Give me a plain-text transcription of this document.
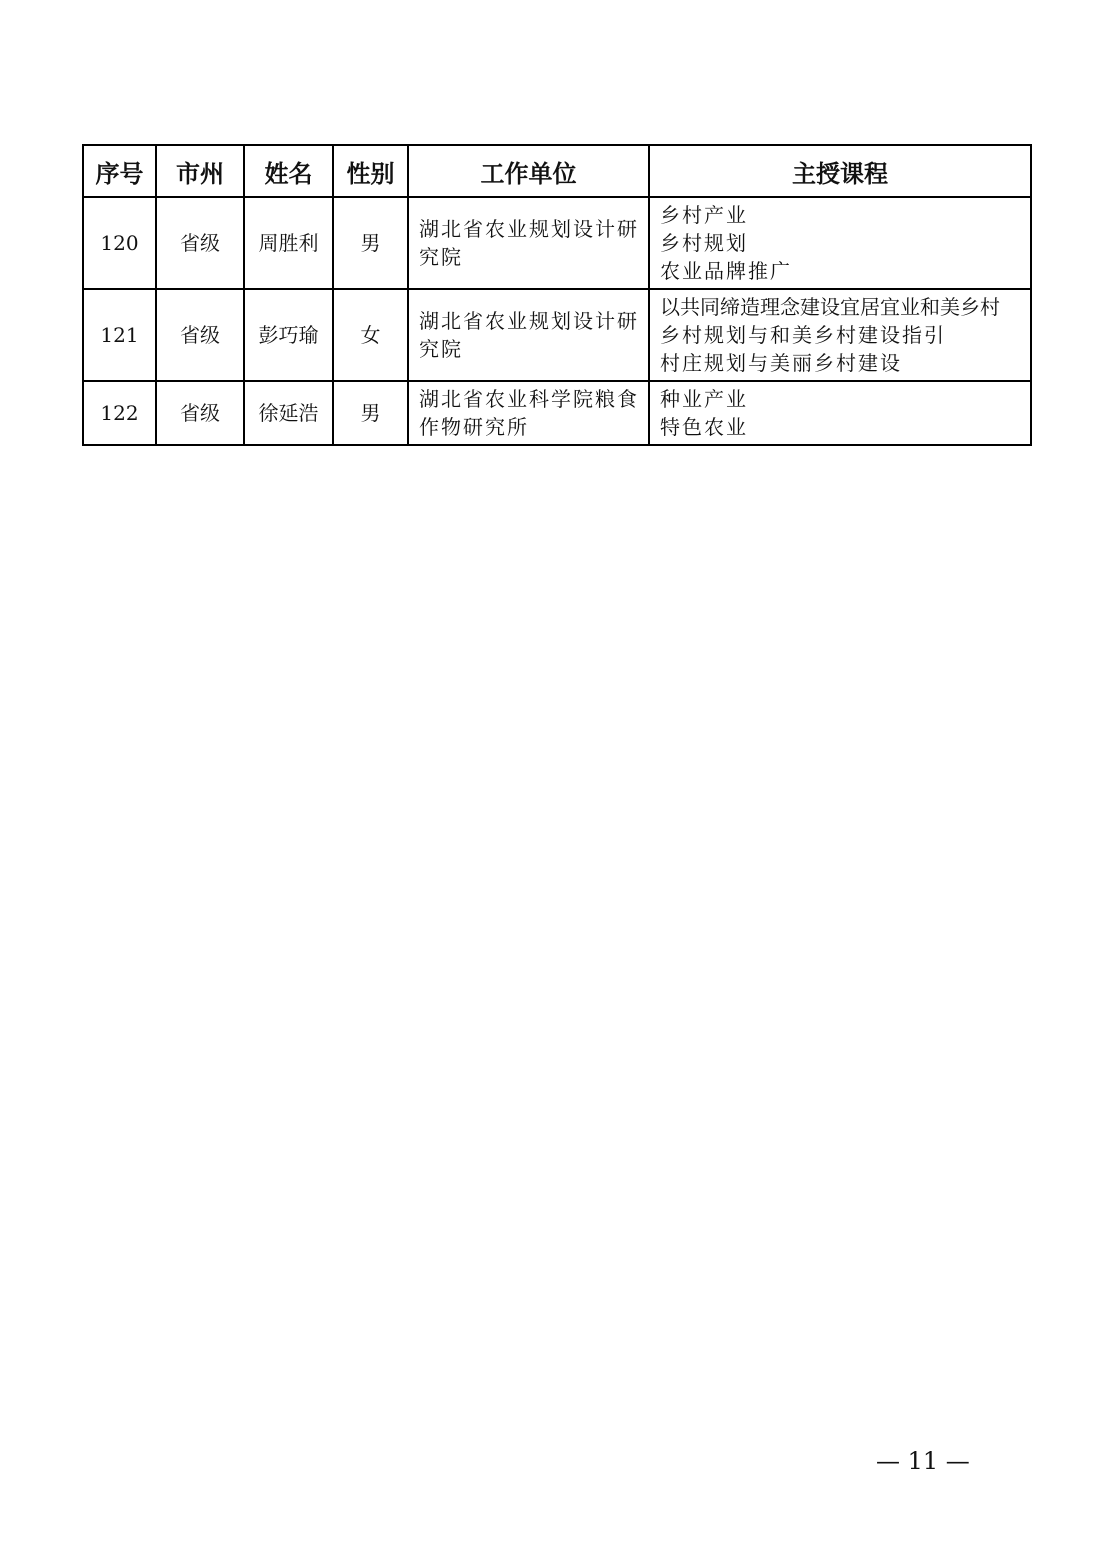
序号	市州	姓名	性别	工作单位	主授课程
120	省级	周胜利	男	湖北省农业规划设计研究院	乡村产业
乡村规划
农业品牌推广

121	省级	彭巧瑜	女	湖北省农业规划设计研究院	以共同缔造理念建设宜居宜业和美乡村
乡村规划与和美乡村建设指引
村庄规划与美丽乡村建设

122	省级	徐延浩	男	湖北省农业科学院粮食作物研究所	种业产业
特色农业
— 11 —
